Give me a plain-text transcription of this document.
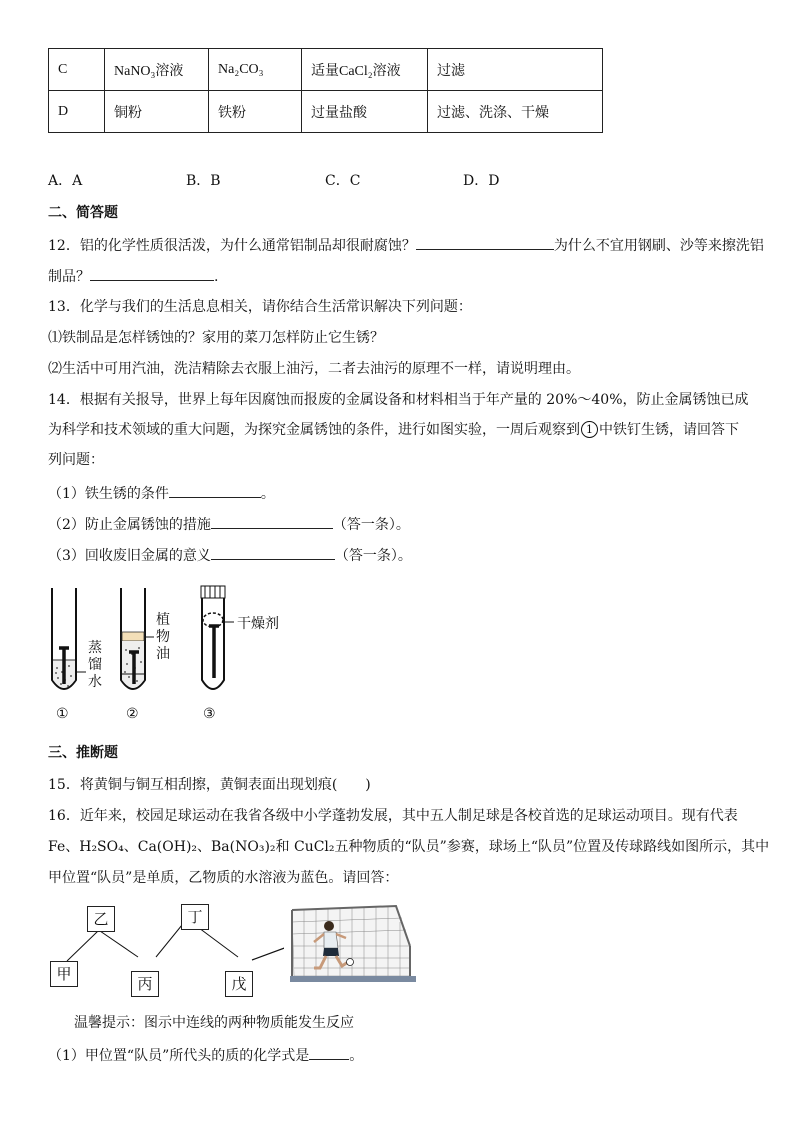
C	NaNO₃溶液	Na₂CO₃	适量CaCl₂溶液	过滤
D	铜粉	铁粉	过量盐酸	过滤、洗涤、干燥
A．A	B．B	C．C	D．D
二、简答题
12．铝的化学性质很活泼，为什么通常铝制品却很耐腐蚀？	为什么不宜用钢刷、沙等来擦洗铝
制品？	.
13．化学与我们的生活息息相关，请你结合生活常识解决下列问题：
⑴铁制品是怎样锈蚀的？家用的菜刀怎样防止它生锈？
⑵生活中可用汽油，洗洁精除去衣服上油污，二者去油污的原理不一样，请说明理由。
14．根据有关报导，世界上每年因腐蚀而报废的金属设备和材料相当于年产量的 20%～40%，防止金属锈蚀已成
为科学和技术领域的重大问题，为探究金属锈蚀的条件，进行如图实验，一周后观察到 1 中铁钉生锈，请回答下
列问题：
（1）铁生锈的条件	。
（2）防止金属锈蚀的措施	（答一条）。
（3）回收废旧金属的意义	（答一条）。
蒸
馏
水
植
物
油
干燥剂
①	②	③
三、推断题
15．将黄铜与铜互相刮擦，黄铜表面出现划痕(　　)
16．近年来，校园足球运动在我省各级中小学蓬勃发展，其中五人制足球是各校首选的足球运动项目。现有代表
Fe、H₂SO₄、Ca(OH)₂、Ba(NO₃)₂和 CuCl₂五种物质的“队员”参赛，球场上“队员”位置及传球路线如图所示，其中
甲位置“队员”是单质，乙物质的水溶液为蓝色。请回答：
乙	丁
甲
丙	戊
温馨提示：图示中连线的两种物质能发生反应
（1）甲位置“队员”所代头的质的化学式是	。
